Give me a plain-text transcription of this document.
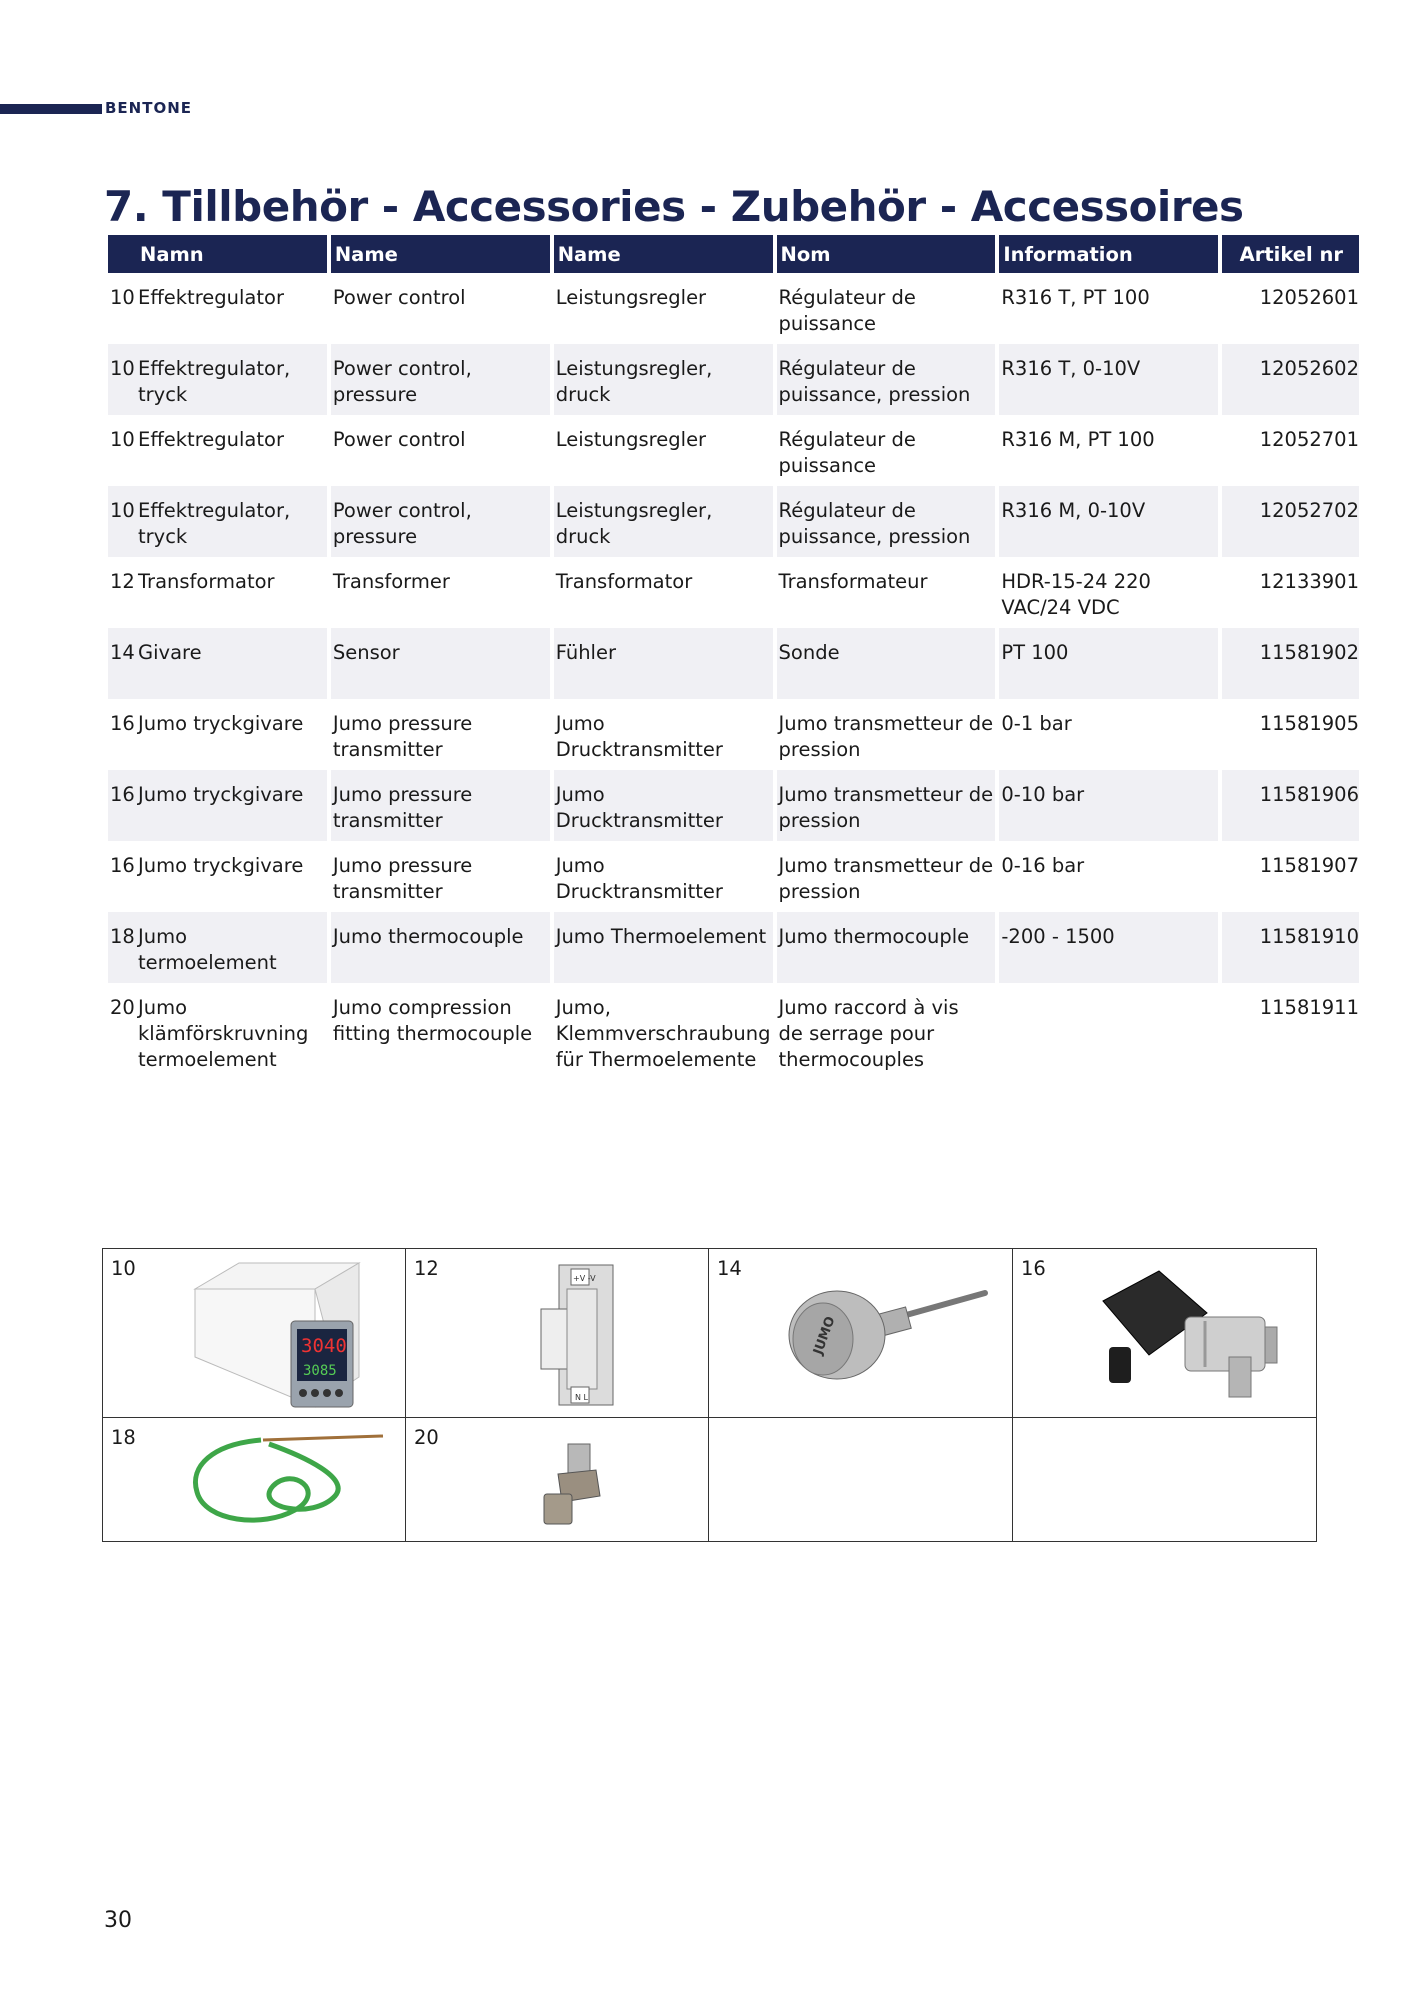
BENTONE
7. Tillbehör - Accessories - Zubehör - Accessoires
Namn	Name	Name	Nom	Information	Artikel nr

10 Effektregulator	Power control	Leistungsregler	Régulateur de
puissance	R316 T, PT 100	12052601

10 Effektregulator, tryck	Power control,
pressure	Leistungsregler, druck	Régulateur de
puissance, pression	R316 T, 0-10V	12052602

10 Effektregulator	Power control	Leistungsregler	Régulateur de
puissance	R316 M, PT 100	12052701

10 Effektregulator, tryck	Power control,
pressure	Leistungsregler, druck	Régulateur de
puissance, pression	R316 M, 0-10V	12052702

12 Transformator	Transformer	Transformator	Transformateur	HDR-15-24 220
VAC/24 VDC	12133901

14 Givare	Sensor	Fühler	Sonde	PT 100	11581902

16 Jumo tryckgivare	Jumo pressure
transmitter	Jumo
Drucktransmitter	Jumo transmetteur de
pression	0-1 bar	11581905

16 Jumo tryckgivare	Jumo pressure
transmitter	Jumo
Drucktransmitter	Jumo transmetteur de
pression	0-10 bar	11581906

16 Jumo tryckgivare	Jumo pressure
transmitter	Jumo
Drucktransmitter	Jumo transmetteur de
pression	0-16 bar	11581907

18 Jumo termoelement	Jumo thermocouple	Jumo Thermoelement	Jumo thermocouple	-200 - 1500	11581910

20 Jumo
klämförskruvning
termoelement	Jumo compression
fitting thermocouple	Jumo,
Klemmverschraubung
für Thermoelemente	Jumo raccord à vis
de serrage pour
thermocouples		11581911
10
3040
3085	12 +V -V
N L	14
JUMO	16

18	20		

30
